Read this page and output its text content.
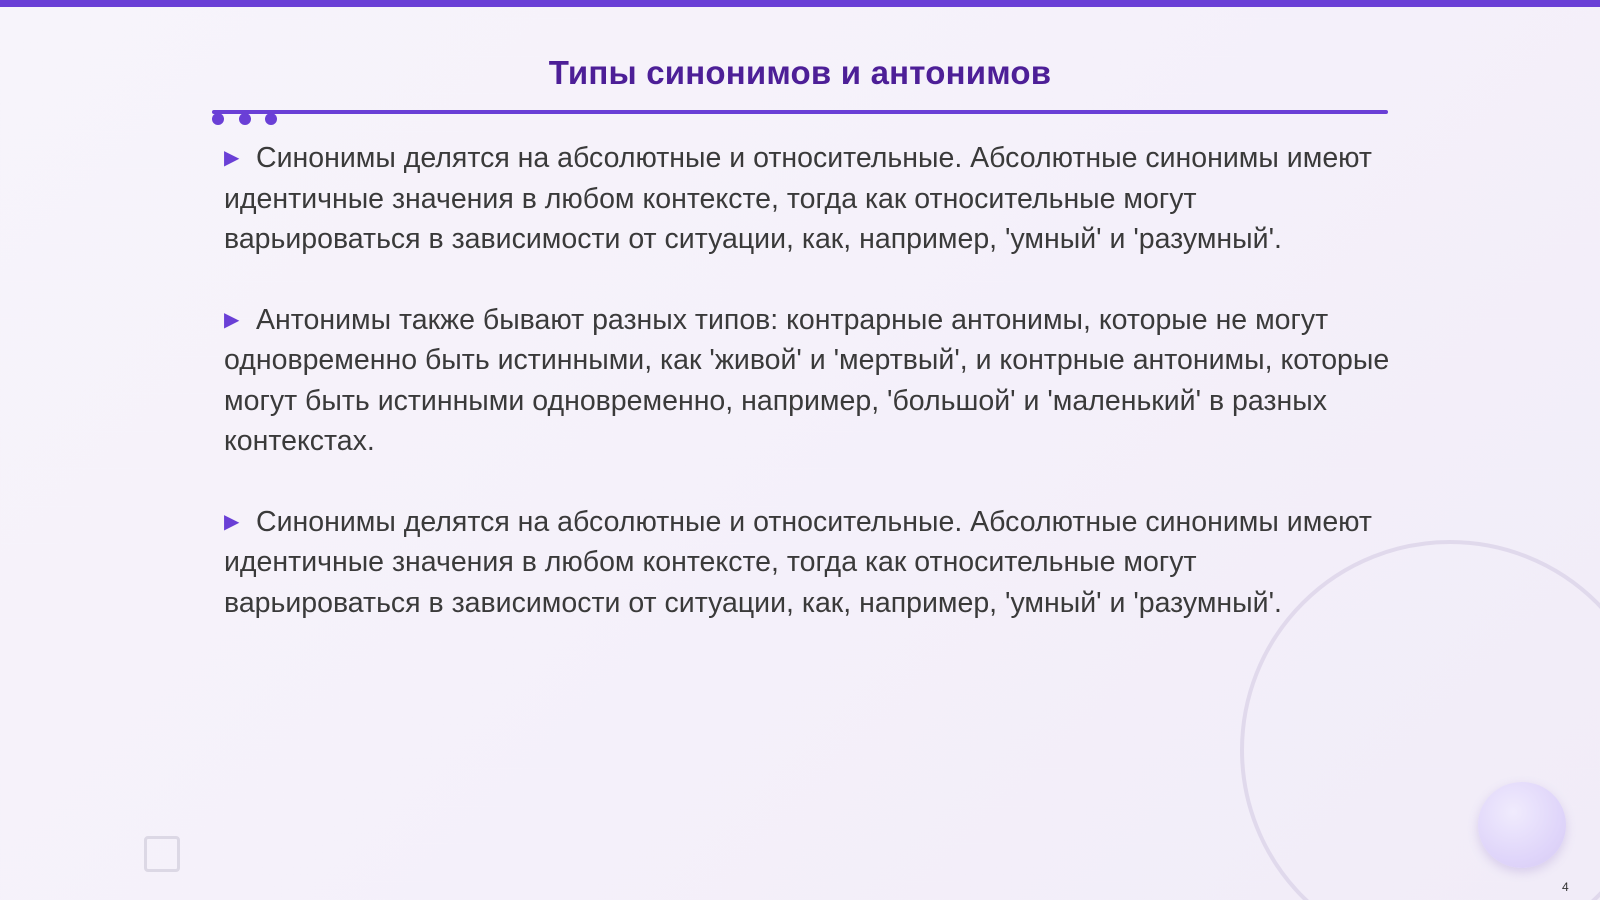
Типы синонимов и антонимов

▶ Синонимы делятся на абсолютные и относительные. Абсолютные синонимы имеют идентичные значения в любом контексте, тогда как относительные могут варьироваться в зависимости от ситуации, как, например, 'умный' и 'разумный'.

▶ Антонимы также бывают разных типов: контрарные антонимы, которые не могут одновременно быть истинными, как 'живой' и 'мертвый', и контрные антонимы, которые могут быть истинными одновременно, например, 'большой' и 'маленький' в разных контекстах.

▶ Синонимы делятся на абсолютные и относительные. Абсолютные синонимы имеют идентичные значения в любом контексте, тогда как относительные могут варьироваться в зависимости от ситуации, как, например, 'умный' и 'разумный'.

4
